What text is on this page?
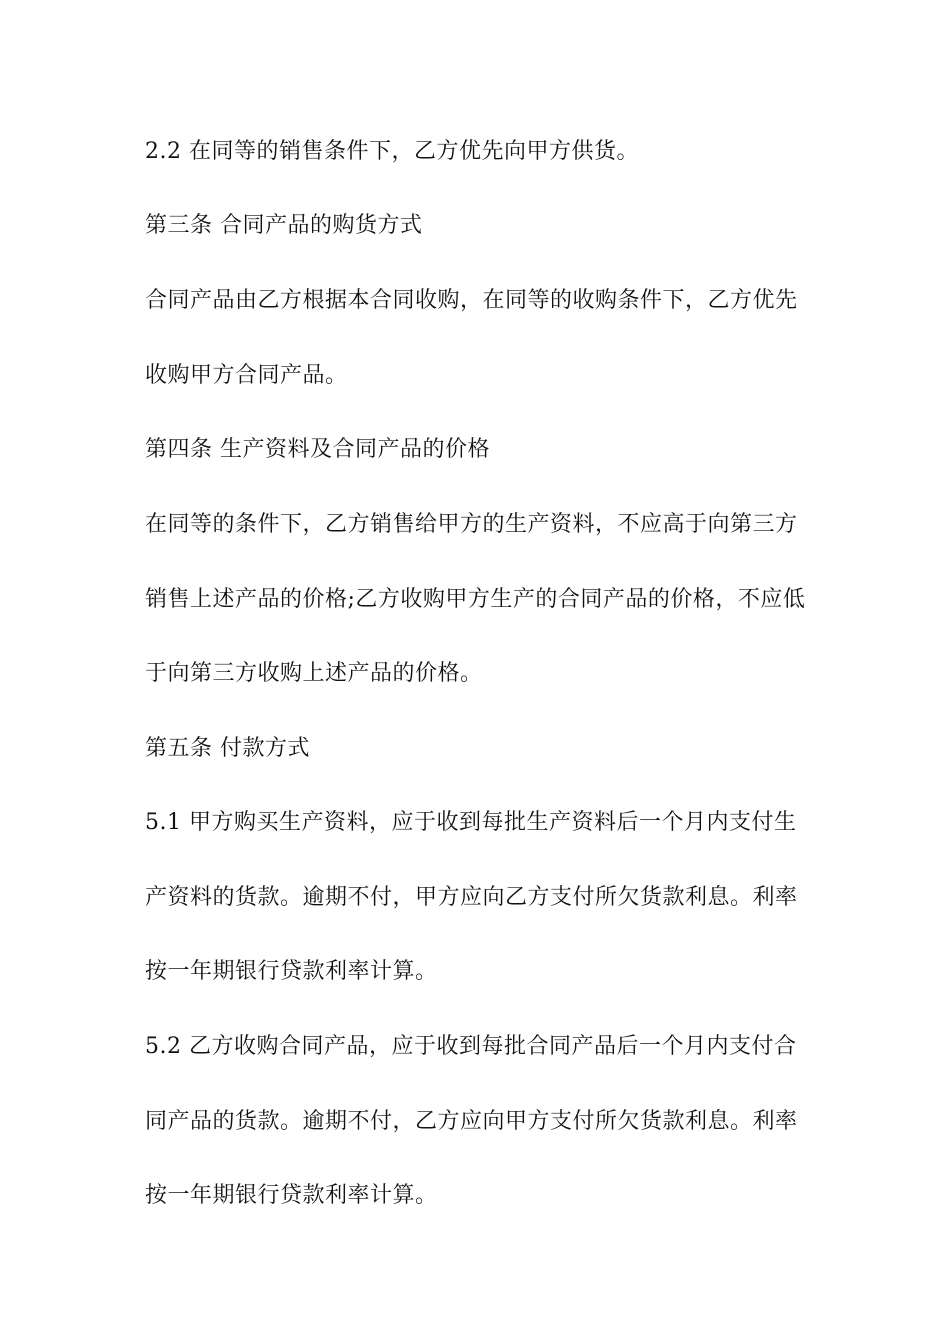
2.2 在同等的销售条件下，乙方优先向甲方供货。
第三条 合同产品的购货方式
合同产品由乙方根据本合同收购，在同等的收购条件下，乙方优先
收购甲方合同产品。
第四条 生产资料及合同产品的价格
在同等的条件下，乙方销售给甲方的生产资料，不应高于向第三方
销售上述产品的价格;乙方收购甲方生产的合同产品的价格，不应低
于向第三方收购上述产品的价格。
第五条 付款方式
5.1 甲方购买生产资料，应于收到每批生产资料后一个月内支付生
产资料的货款。逾期不付，甲方应向乙方支付所欠货款利息。利率
按一年期银行贷款利率计算。
5.2 乙方收购合同产品，应于收到每批合同产品后一个月内支付合
同产品的货款。逾期不付，乙方应向甲方支付所欠货款利息。利率
按一年期银行贷款利率计算。
